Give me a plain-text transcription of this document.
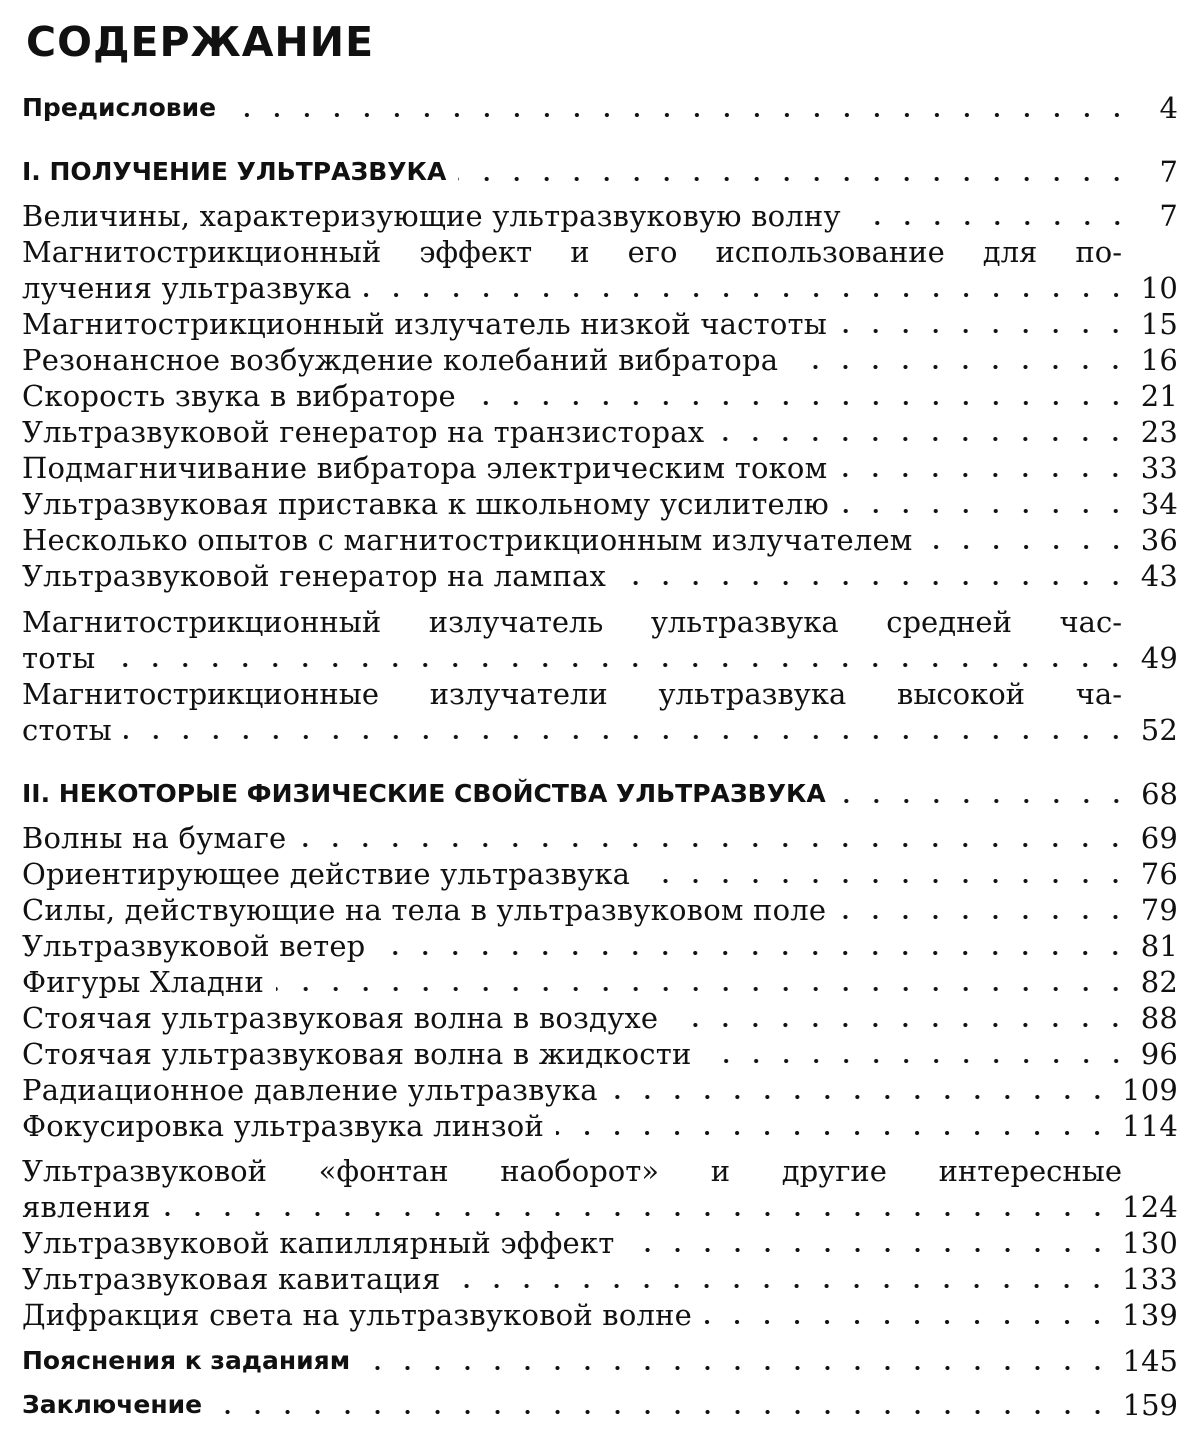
СОДЕРЖАНИЕ
Предисловие	4
I. ПОЛУЧЕНИЕ УЛЬТРАЗВУКА	7
Величины, характеризующие ультразвуковую волну	7
Магнитострикционный эффект и его использование для по-
лучения ультразвука	10
Магнитострикционный излучатель низкой частоты	15
Резонансное возбуждение колебаний вибратора	16
Скорость звука в вибраторе	21
Ультразвуковой генератор на транзисторах	23
Подмагничивание вибратора электрическим током	33
Ультразвуковая приставка к школьному усилителю	34
Несколько опытов с магнитострикционным излучателем	36
Ультразвуковой генератор на лампах	43
Магнитострикционный излучатель ультразвука средней час-
тоты	49
Магнитострикционные излучатели ультразвука высокой ча-
стоты	52
II. НЕКОТОРЫЕ ФИЗИЧЕСКИЕ СВОЙСТВА УЛЬТРАЗВУКА	68
Волны на бумаге	69
Ориентирующее действие ультразвука	76
Силы, действующие на тела в ультразвуковом поле	79
Ультразвуковой ветер	81
Фигуры Хладни	82
Стоячая ультразвуковая волна в воздухе	88
Стоячая ультразвуковая волна в жидкости	96
Радиационное давление ультразвука	109
Фокусировка ультразвука линзой	114
Ультразвуковой «фонтан наоборот» и другие интересные
явления	124
Ультразвуковой капиллярный эффект	130
Ультразвуковая кавитация	133
Дифракция света на ультразвуковой волне	139
Пояснения к заданиям	145
Заключение	159
